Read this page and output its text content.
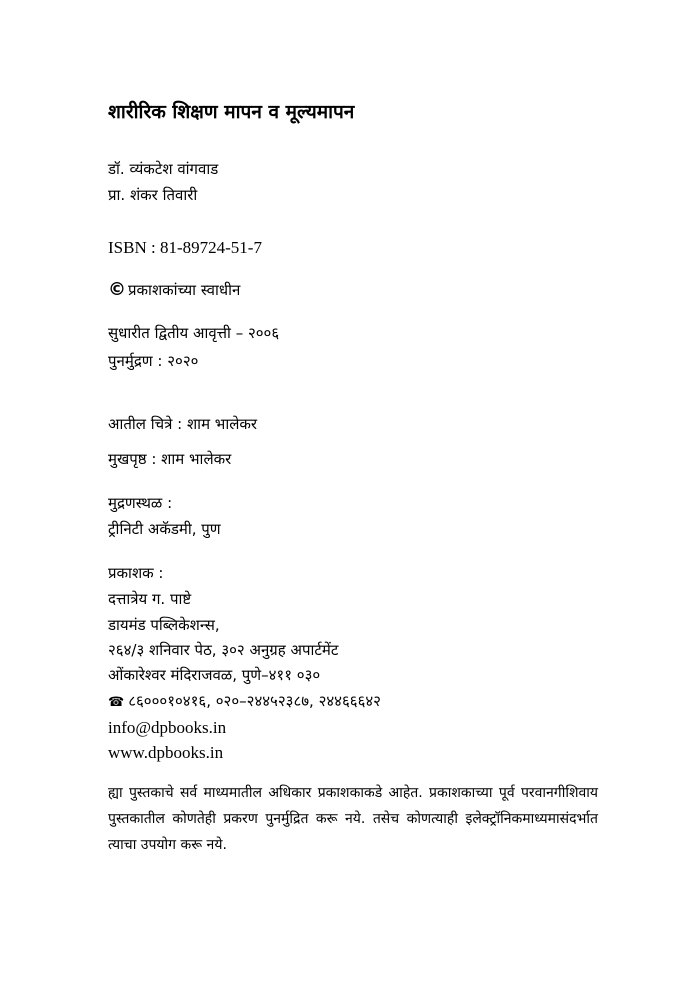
शारीरिक शिक्षण मापन व मूल्यमापन
डॉ. व्यंकटेश वांगवाड
प्रा. शंकर तिवारी
ISBN : 81-89724-51-7
© प्रकाशकांच्या स्वाधीन
सुधारीत द्वितीय आवृत्ती – २००६
पुनर्मुद्रण : २०२०
आतील चित्रे : शाम भालेकर
मुखपृष्ठ : शाम भालेकर
मुद्रणस्थळ :
ट्रीनिटी अकॅडमी, पुण
प्रकाशक :
दत्तात्रेय ग. पाष्टे
डायमंड पब्लिकेशन्स,
२६४/३ शनिवार पेठ, ३०२ अनुग्रह अपार्टमेंट
ओंकारेश्वर मंदिराजवळ, पुणे–४११ ०३०
☎ ८६०००१०४१६, ०२०–२४४५२३८७, २४४६६६४२
info@dpbooks.in
www.dpbooks.in
ह्या पुस्तकाचे सर्व माध्यमातील अधिकार प्रकाशकाकडे आहेत. प्रकाशकाच्या पूर्व परवानगीशिवाय पुस्तकातील कोणतेही प्रकरण पुनर्मुद्रित करू नये. तसेच कोणत्याही इलेक्ट्रॉनिकमाध्यमासंदर्भात त्याचा उपयोग करू नये.
